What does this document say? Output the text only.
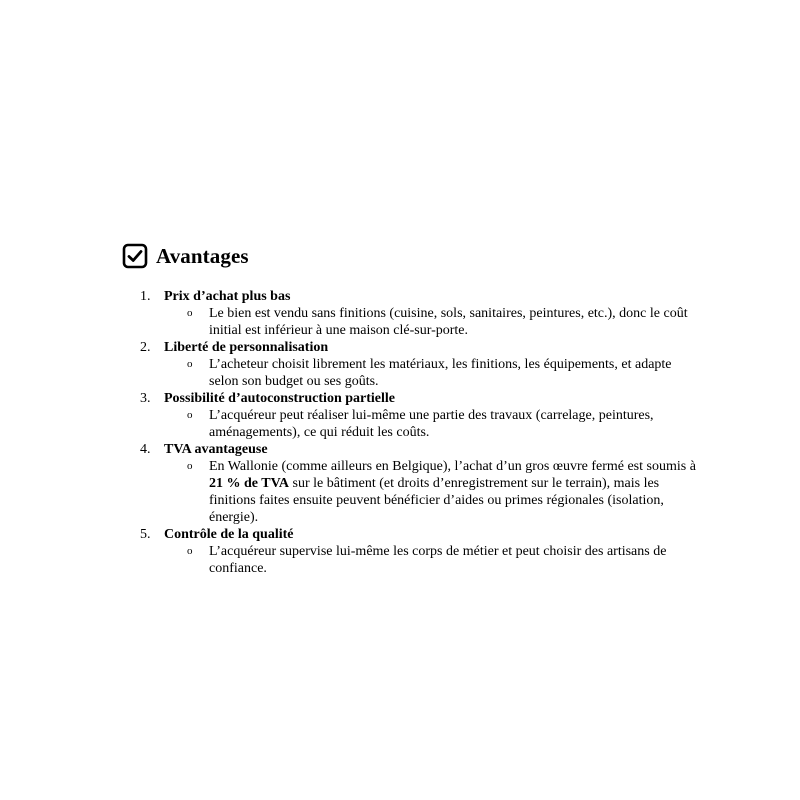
Avantages
1. Prix d’achat plus bas
o Le bien est vendu sans finitions (cuisine, sols, sanitaires, peintures, etc.), donc le coût initial est inférieur à une maison clé-sur-porte.
2. Liberté de personnalisation
o L’acheteur choisit librement les matériaux, les finitions, les équipements, et adapte selon son budget ou ses goûts.
3. Possibilité d’autoconstruction partielle
o L’acquéreur peut réaliser lui-même une partie des travaux (carrelage, peintures, aménagements), ce qui réduit les coûts.
4. TVA avantageuse
o En Wallonie (comme ailleurs en Belgique), l’achat d’un gros œuvre fermé est soumis à 21 % de TVA sur le bâtiment (et droits d’enregistrement sur le terrain), mais les finitions faites ensuite peuvent bénéficier d’aides ou primes régionales (isolation, énergie).
5. Contrôle de la qualité
o L’acquéreur supervise lui-même les corps de métier et peut choisir des artisans de confiance.
